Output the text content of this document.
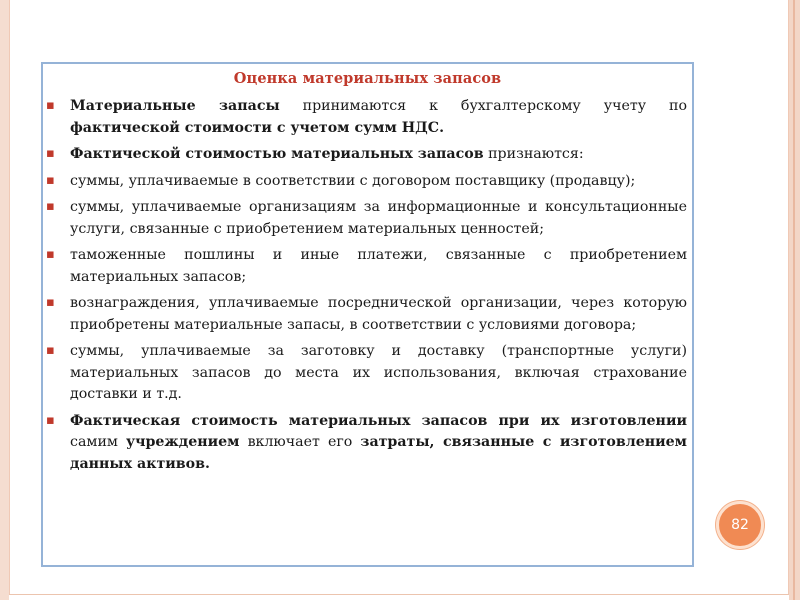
Оценка материальных запасов
▪ Материальные запасы принимаются к бухгалтерскому учету по фактической стоимости с учетом сумм НДС.
▪ Фактической стоимостью материальных запасов признаются:
▪ суммы, уплачиваемые в соответствии с договором поставщику (продавцу);
▪ суммы, уплачиваемые организациям за информационные и консультационные услуги, связанные с приобретением материальных ценностей;
▪ таможенные пошлины и иные платежи, связанные с приобретением материальных запасов;
▪ вознаграждения, уплачиваемые посреднической организации, через которую приобретены материальные запасы, в соответствии с условиями договора;
▪ суммы, уплачиваемые за заготовку и доставку (транспортные услуги) материальных запасов до места их использования, включая страхование доставки и т.д.
▪ Фактическая стоимость материальных запасов при их изготовлении самим учреждением включает его затраты, связанные с изготовлением данных активов.
82
